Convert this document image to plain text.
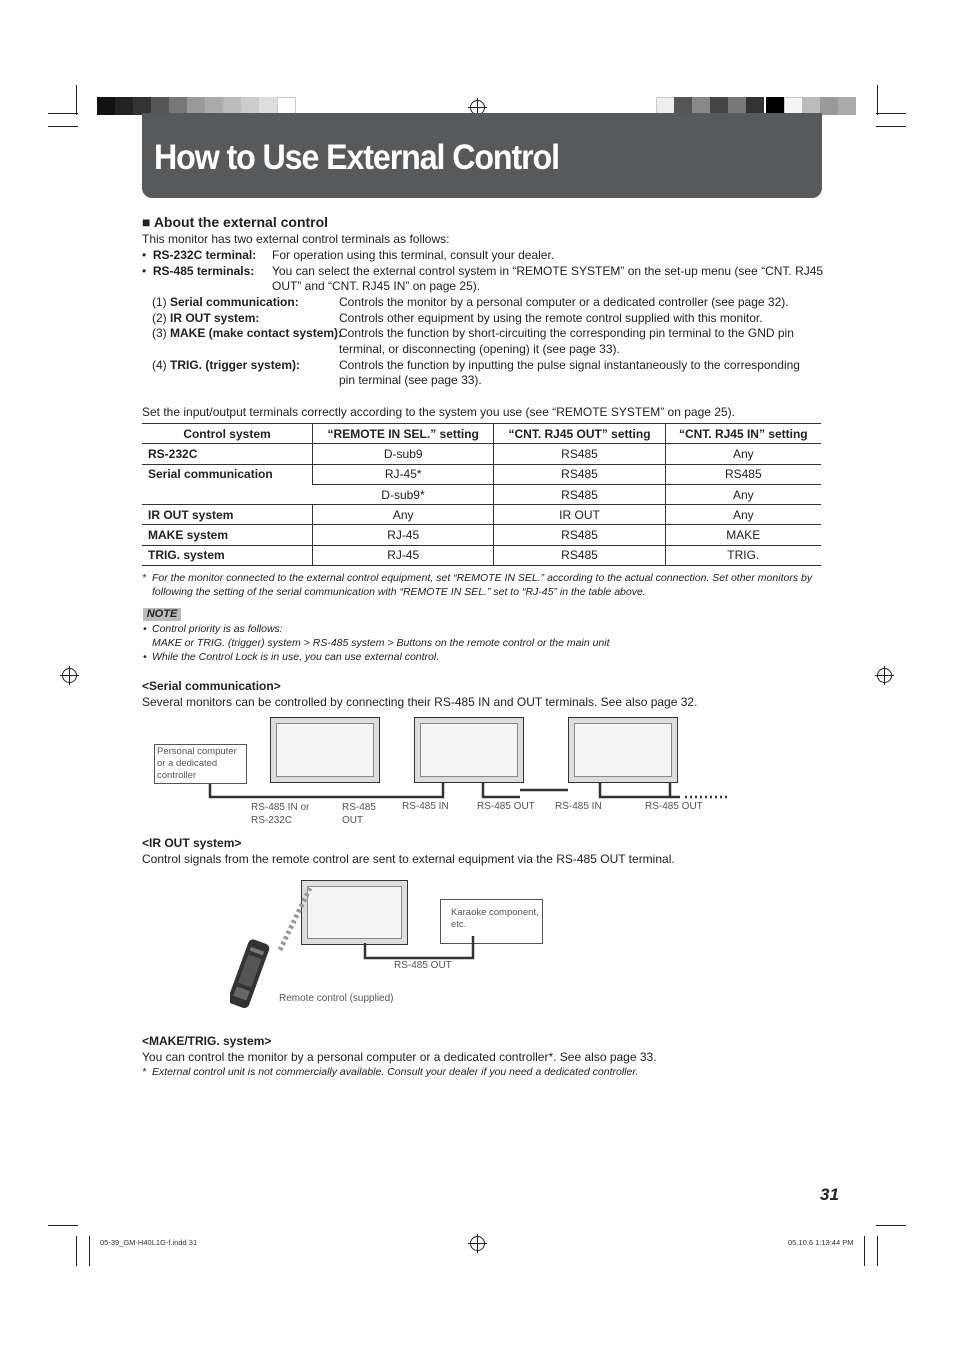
How to Use External Control
■ About the external control
This monitor has two external control terminals as follows:
•  RS-232C terminal: For operation using this terminal, consult your dealer.
•  RS-485 terminals: You can select the external control system in “REMOTE SYSTEM” on the set-up menu (see “CNT. RJ45
OUT” and “CNT. RJ45 IN” on page 25).
(1) Serial communication:	Controls the monitor by a personal computer or a dedicated controller (see page 32).
(2) IR OUT system:	Controls other equipment by using the remote control supplied with this monitor.
(3) MAKE (make contact system):
Controls the function by short-circuiting the corresponding pin terminal to the GND pin
terminal, or disconnecting (opening) it (see page 33).
(4) TRIG. (trigger system):	Controls the function by inputting the pulse signal instantaneously to the corresponding
pin terminal (see page 33).
Set the input/output terminals correctly according to the system you use (see “REMOTE SYSTEM” on page 25).
Control system	“REMOTE IN SEL.” setting	“CNT. RJ45 OUT” setting	“CNT. RJ45 IN” setting
RS-232C	D-sub9	RS485	Any
Serial communication	RJ-45*	RS485	RS485
	D-sub9*	RS485	Any
IR OUT system	Any	IR OUT	Any
MAKE system	RJ-45	RS485	MAKE
TRIG. system	RJ-45	RS485	TRIG.
* For the monitor connected to the external control equipment, set “REMOTE IN SEL.” according to the actual connection. Set other monitors by
following the setting of the serial communication with “REMOTE IN SEL.” set to “RJ-45” in the table above.
NOTE
• Control priority is as follows:
MAKE or TRIG. (trigger) system > RS-485 system > Buttons on the remote control or the main unit
• While the Control Lock is in use, you can use external control.
<Serial communication>
Several monitors can be controlled by connecting their RS-485 IN and OUT terminals. See also page 32.
Personal computer or a dedicated controller
RS-485 IN or RS-232C
RS-485 OUT
RS-485 IN	RS-485 OUT RS-485 IN	RS-485 OUT
<IR OUT system>
Control signals from the remote control are sent to external equipment via the RS-485 OUT terminal.
Karaoke component, etc.
RS-485 OUT
Remote control (supplied)
<MAKE/TRIG. system>
You can control the monitor by a personal computer or a dedicated controller*. See also page 33.
* External control unit is not commercially available. Consult your dealer if you need a dedicated controller.
31
05-39_GM-H40L1G-f.indd 31	05.10.6 1:13:44 PM
